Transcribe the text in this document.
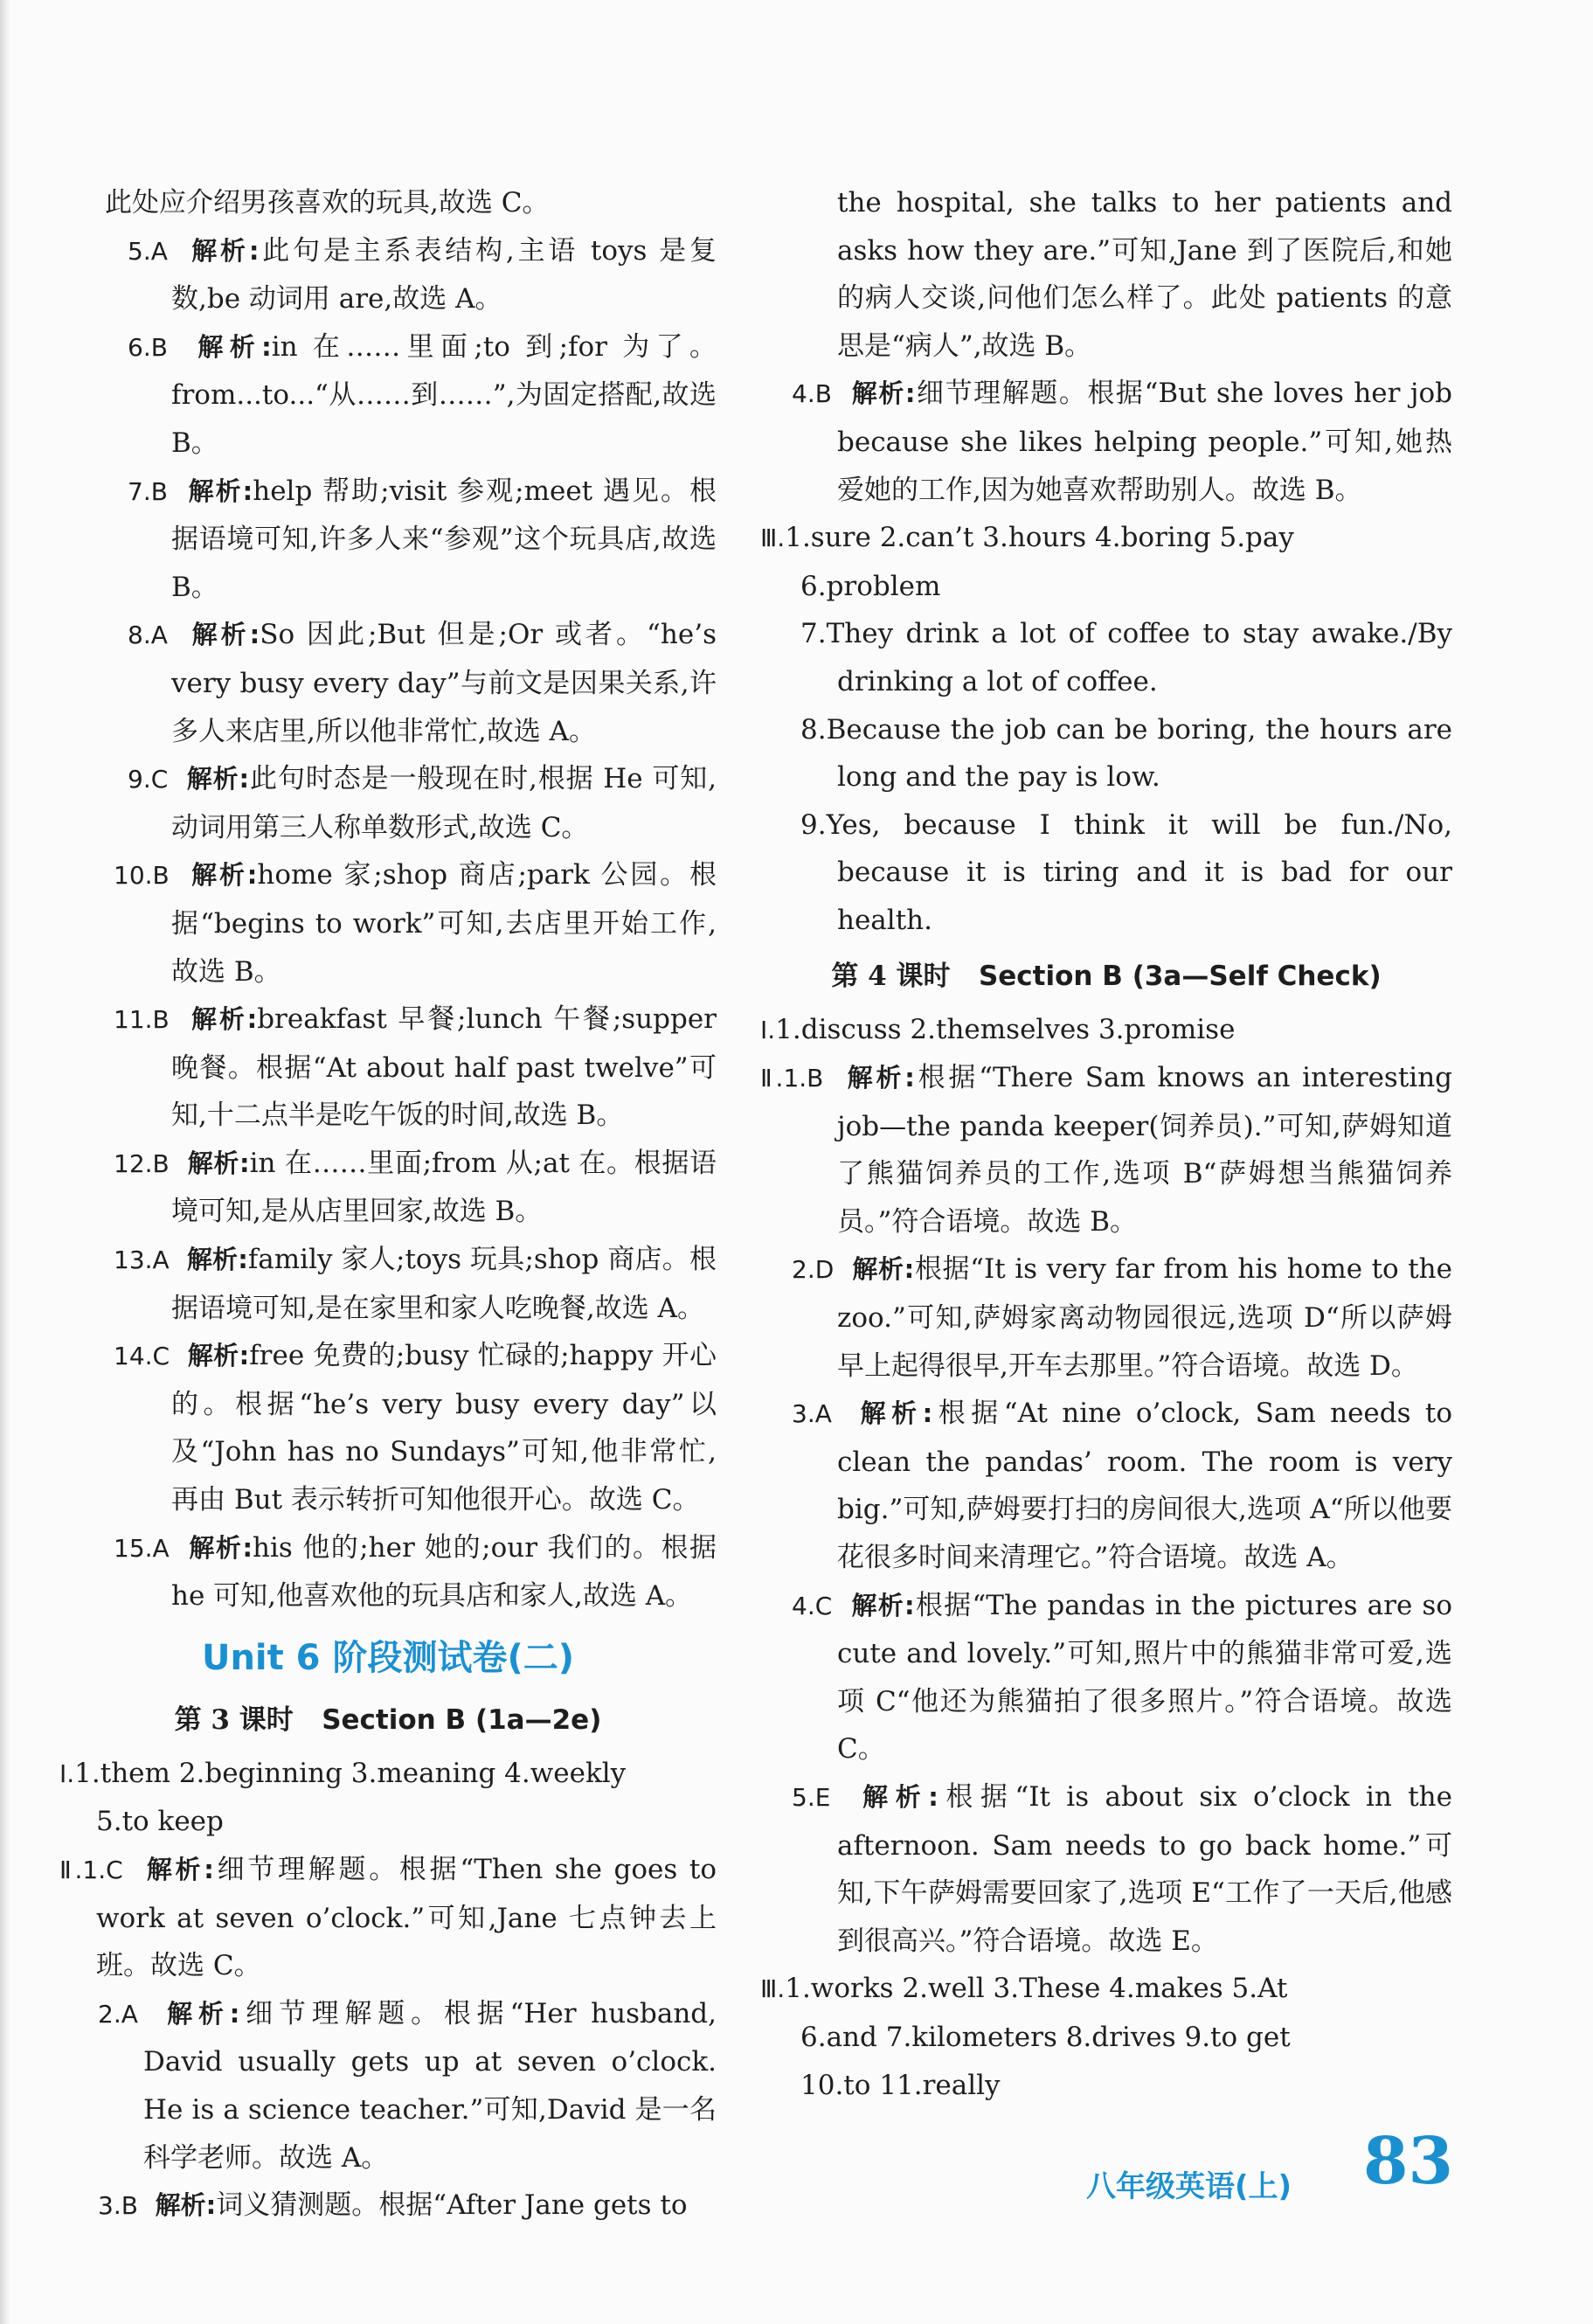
此处应介绍男孩喜欢的玩具,故选 C。

5.A 解析:此句是主系表结构,主语 toys 是复数,be 动词用 are,故选 A。

6.B 解析:in 在……里面;to 到;for 为了。from...to...“从……到……”,为固定搭配,故选 B。

7.B 解析:help 帮助;visit 参观;meet 遇见。根据语境可知,许多人来“参观”这个玩具店,故选 B。

8.A 解析:So 因此;But 但是;Or 或者。“he’s very busy every day”与前文是因果关系,许多人来店里,所以他非常忙,故选 A。

9.C 解析:此句时态是一般现在时,根据 He 可知,动词用第三人称单数形式,故选 C。

10.B 解析:home 家;shop 商店;park 公园。根据“begins to work”可知,去店里开始工作,故选 B。

11.B 解析:breakfast 早餐;lunch 午餐;supper 晚餐。根据“At about half past twelve”可知,十二点半是吃午饭的时间,故选 B。

12.B 解析:in 在……里面;from 从;at 在。根据语境可知,是从店里回家,故选 B。

13.A 解析:family 家人;toys 玩具;shop 商店。根据语境可知,是在家里和家人吃晚餐,故选 A。

14.C 解析:free 免费的;busy 忙碌的;happy 开心的。根据“he’s very busy every day”以及“John has no Sundays”可知,他非常忙,再由 But 表示转折可知他很开心。故选 C。

15.A 解析:his 他的;her 她的;our 我们的。根据 he 可知,他喜欢他的玩具店和家人,故选 A。

Unit 6 阶段测试卷(二)
第 3 课时 Section B (1a—2e)

Ⅰ.1.them 2.beginning 3.meaning 4.weekly

5.to keep

Ⅱ.1.C 解析:细节理解题。根据“Then she goes to work at seven o’clock.”可知,Jane 七点钟去上班。故选 C。

2.A 解析:细节理解题。根据“Her husband, David usually gets up at seven o’clock. He is a science teacher.”可知,David 是一名科学老师。故选 A。

3.B 解析:词义猜测题。根据“After Jane gets to

the hospital, she talks to her patients and asks how they are.”可知,Jane 到了医院后,和她的病人交谈,问他们怎么样了。此处 patients 的意思是“病人”,故选 B。

4.B 解析:细节理解题。根据“But she loves her job because she likes helping people.”可知,她热爱她的工作,因为她喜欢帮助别人。故选 B。

Ⅲ.1.sure 2.can’t 3.hours 4.boring 5.pay

6.problem

7.They drink a lot of coffee to stay awake./By drinking a lot of coffee.

8.Because the job can be boring, the hours are long and the pay is low.

9.Yes, because I think it will be fun./No, because it is tiring and it is bad for our health.

第 4 课时 Section B (3a—Self Check)

Ⅰ.1.discuss 2.themselves 3.promise

Ⅱ.1.B 解析:根据“There Sam knows an interesting job—the panda keeper(饲养员).”可知,萨姆知道了熊猫饲养员的工作,选项 B“萨姆想当熊猫饲养员。”符合语境。故选 B。

2.D 解析:根据“It is very far from his home to the zoo.”可知,萨姆家离动物园很远,选项 D“所以萨姆早上起得很早,开车去那里。”符合语境。故选 D。

3.A 解析:根据“At nine o’clock, Sam needs to clean the pandas’ room. The room is very big.”可知,萨姆要打扫的房间很大,选项 A“所以他要花很多时间来清理它。”符合语境。故选 A。

4.C 解析:根据“The pandas in the pictures are so cute and lovely.”可知,照片中的熊猫非常可爱,选项 C“他还为熊猫拍了很多照片。”符合语境。故选 C。

5.E 解析:根据“It is about six o’clock in the afternoon. Sam needs to go back home.”可知,下午萨姆需要回家了,选项 E“工作了一天后,他感到很高兴。”符合语境。故选 E。

Ⅲ.1.works 2.well 3.These 4.makes 5.At

6.and 7.kilometers 8.drives 9.to get

10.to 11.really

八年级英语(上) 83
